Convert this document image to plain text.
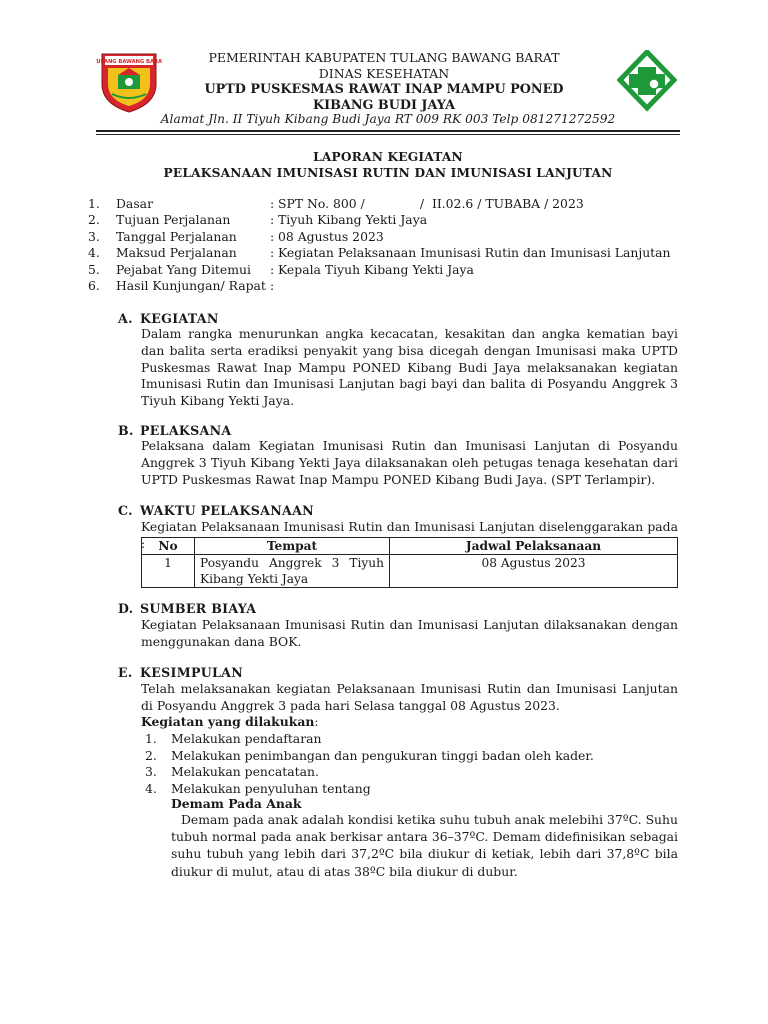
TULANG BAWANG BARAT	PEMERINTAH KABUPATEN TULANG BAWANG BARAT
DINAS KESEHATAN
UPTD PUSKESMAS RAWAT INAP MAMPU PONED
KIBANG BUDI JAYA
Alamat Jln. II Tiyuh Kibang Budi Jaya RT 009 RK 003 Telp 081271272592
LAPORAN KEGIATAN
PELAKSANAAN IMUNISASI RUTIN DAN IMUNISASI LANJUTAN
1. Dasar	: SPT No. 800 /              /  II.02.6 / TUBABA / 2023
2. Tujuan Perjalanan	: Tiyuh Kibang Yekti Jaya
3. Tanggal Perjalanan	: 08 Agustus 2023
4. Maksud Perjalanan	: Kegiatan Pelaksanaan Imunisasi Rutin dan Imunisasi Lanjutan
5. Pejabat Yang Ditemui : Kepala Tiyuh Kibang Yekti Jaya
6. Hasil Kunjungan/ Rapat :
A. KEGIATAN
Dalam rangka menurunkan angka kecacatan, kesakitan dan angka kematian bayi dan balita serta eradiksi penyakit yang bisa dicegah dengan Imunisasi maka UPTD Puskesmas Rawat Inap Mampu PONED Kibang Budi Jaya melaksanakan kegiatan Imunisasi Rutin dan Imunisasi Lanjutan bagi bayi dan balita di Posyandu Anggrek 3 Tiyuh Kibang Yekti Jaya.
B. PELAKSANA
Pelaksana dalam Kegiatan Imunisasi Rutin dan Imunisasi Lanjutan di Posyandu Anggrek 3 Tiyuh Kibang Yekti Jaya dilaksanakan oleh petugas tenaga kesehatan dari UPTD Puskesmas Rawat Inap Mampu PONED Kibang Budi Jaya. (SPT Terlampir).
C. WAKTU PELAKSANAAN
Kegiatan Pelaksanaan Imunisasi Rutin dan Imunisasi Lanjutan diselenggarakan pada :	No	Tempat	Jadwal Pelaksanaan
1	Posyandu Anggrek 3 Tiyuh Kibang Yekti Jaya	08 Agustus 2023
D. SUMBER BIAYA
Kegiatan Pelaksanaan Imunisasi Rutin dan Imunisasi Lanjutan dilaksanakan dengan menggunakan dana BOK.
E. KESIMPULAN
Telah melaksanakan kegiatan Pelaksanaan Imunisasi Rutin dan Imunisasi Lanjutan di Posyandu Anggrek 3 pada hari Selasa tanggal 08 Agustus 2023.
Kegiatan yang dilakukan:
1. Melakukan pendaftaran
2. Melakukan penimbangan dan pengukuran tinggi badan oleh kader.
3. Melakukan pencatatan.
4. Melakukan penyuluhan tentang
Demam Pada Anak
Demam pada anak adalah kondisi ketika suhu tubuh anak melebihi 37ºC. Suhu tubuh normal pada anak berkisar antara 36–37ºC. Demam didefinisikan sebagai suhu tubuh yang lebih dari 37,2ºC bila diukur di ketiak, lebih dari 37,8ºC bila diukur di mulut, atau di atas 38ºC bila diukur di dubur.
